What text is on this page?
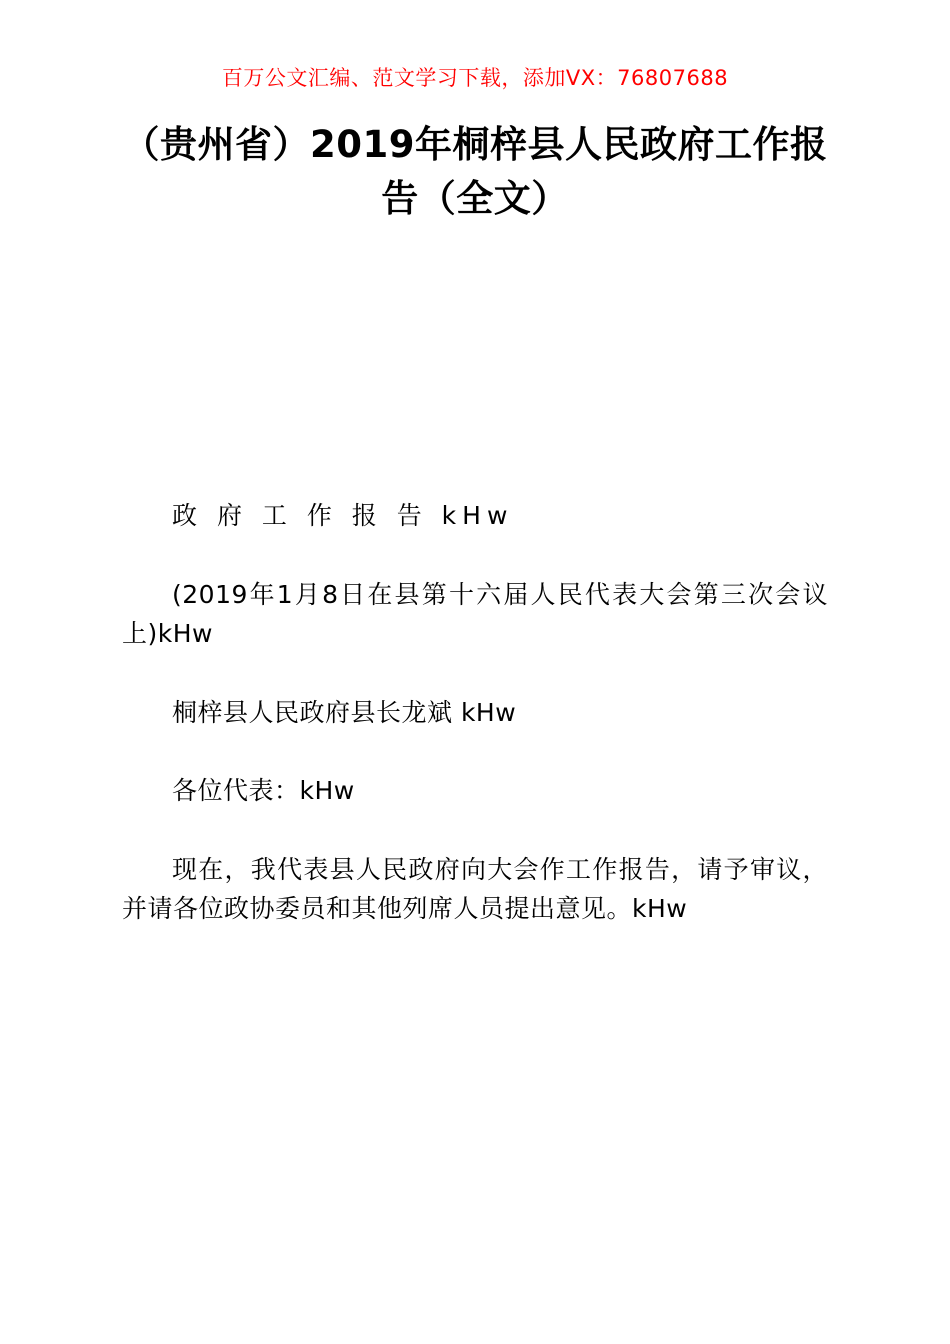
百万公文汇编、范文学习下载，添加VX：76807688
（贵州省）2019年桐梓县人民政府工作报 告（全文）

政 府 工 作 报 告 kHw

(2019年1月8日在县第十六届人民代表大会第三次会议上)kHw

桐梓县人民政府县长龙斌 kHw

各位代表：kHw

现在，我代表县人民政府向大会作工作报告，请予审议，并请各位政协委员和其他列席人员提出意见。kHw
